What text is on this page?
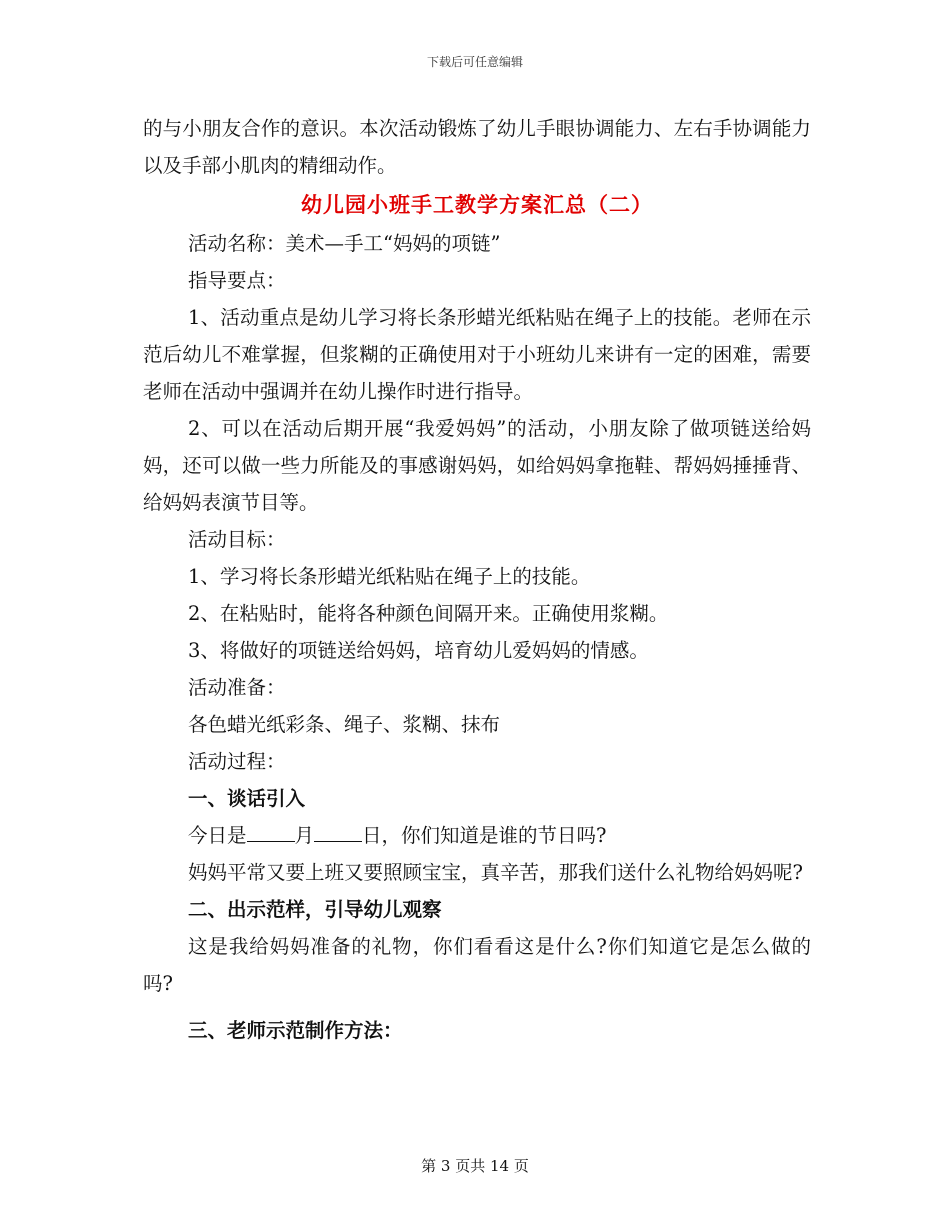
下载后可任意编辑

的与小朋友合作的意识。本次活动锻炼了幼儿手眼协调能力、左右手协调能力以及手部小肌肉的精细动作。

幼儿园小班手工教学方案汇总（二）

活动名称：美术—手工“妈妈的项链”

指导要点：

1、活动重点是幼儿学习将长条形蜡光纸粘贴在绳子上的技能。老师在示范后幼儿不难掌握，但浆糊的正确使用对于小班幼儿来讲有一定的困难，需要老师在活动中强调并在幼儿操作时进行指导。

2、可以在活动后期开展“我爱妈妈”的活动，小朋友除了做项链送给妈妈，还可以做一些力所能及的事感谢妈妈，如给妈妈拿拖鞋、帮妈妈捶捶背、给妈妈表演节目等。

活动目标：

1、学习将长条形蜡光纸粘贴在绳子上的技能。

2、在粘贴时，能将各种颜色间隔开来。正确使用浆糊。

3、将做好的项链送给妈妈，培育幼儿爱妈妈的情感。

活动准备：

各色蜡光纸彩条、绳子、浆糊、抹布

活动过程：

一、谈话引入

今日是 月 日，你们知道是谁的节日吗?

妈妈平常又要上班又要照顾宝宝，真辛苦，那我们送什么礼物给妈妈呢?

二、出示范样，引导幼儿观察

这是我给妈妈准备的礼物，你们看看这是什么?你们知道它是怎么做的吗?

三、老师示范制作方法：

第 3 页共 14 页
